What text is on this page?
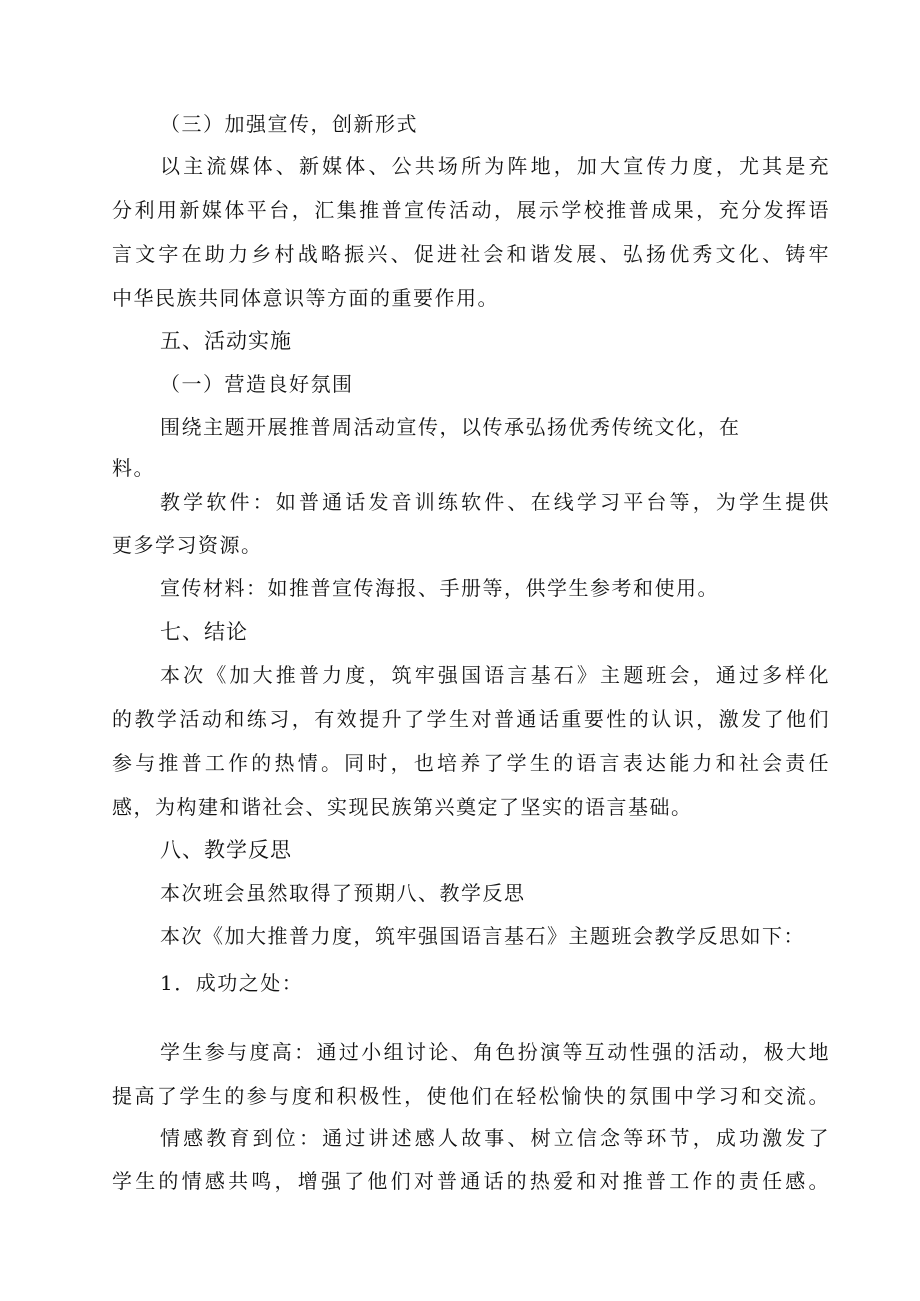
（三）加强宣传，创新形式
以主流媒体、新媒体、公共场所为阵地，加大宣传力度，尤其是充
分利用新媒体平台，汇集推普宣传活动，展示学校推普成果，充分发挥语
言文字在助力乡村战略振兴、促进社会和谐发展、弘扬优秀文化、铸牢
中华民族共同体意识等方面的重要作用。
五、活动实施
（一）营造良好氛围
围绕主题开展推普周活动宣传，以传承弘扬优秀传统文化，在
料。
教学软件：如普通话发音训练软件、在线学习平台等，为学生提供
更多学习资源。
宣传材料：如推普宣传海报、手册等，供学生参考和使用。
七、结论
本次《加大推普力度，筑牢强国语言基石》主题班会，通过多样化
的教学活动和练习，有效提升了学生对普通话重要性的认识，激发了他们
参与推普工作的热情。同时，也培养了学生的语言表达能力和社会责任
感，为构建和谐社会、实现民族第兴奠定了坚实的语言基础。
八、教学反思
本次班会虽然取得了预期八、教学反思
本次《加大推普力度，筑牢强国语言基石》主题班会教学反思如下：
1．成功之处：
学生参与度高：通过小组讨论、角色扮演等互动性强的活动，极大地
提高了学生的参与度和积极性，使他们在轻松愉快的氛围中学习和交流。
情感教育到位：通过讲述感人故事、树立信念等环节，成功激发了
学生的情感共鸣，增强了他们对普通话的热爱和对推普工作的责任感。
